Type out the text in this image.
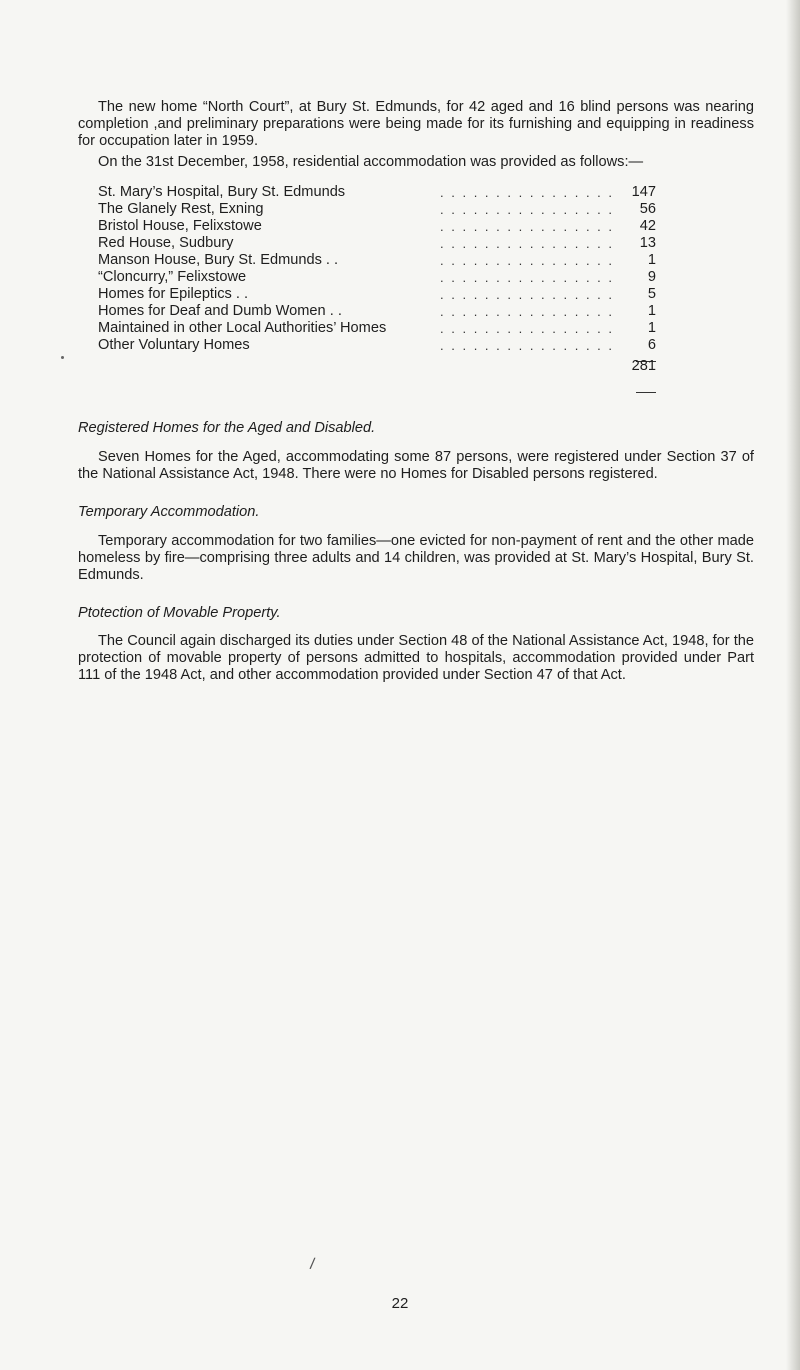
The new home “North Court”, at Bury St. Edmunds, for 42 aged and 16 blind persons was nearing completion ,and preliminary preparations were being made for its furnishing and equipping in readiness for occupation later in 1959.

On the 31st December, 1958, residential accommodation was provided as follows:—

St. Mary’s Hospital, Bury St. Edmunds	. . . . . . . . . . . . . . . . 147
The Glanely Rest, Exning	. . . . . . . . . . . . . . . . 56
Bristol House, Felixstowe	. . . . . . . . . . . . . . . . 42
Red House, Sudbury	. . . . . . . . . . . . . . . . 13
Manson House, Bury St. Edmunds . .	. . . . . . . . . . . . . . . . 1
“Cloncurry,” Felixstowe	. . . . . . . . . . . . . . . . 9
Homes for Epileptics . .	. . . . . . . . . . . . . . . . 5
Homes for Deaf and Dumb Women . .	. . . . . . . . . . . . . . . . 1
Maintained in other Local Authorities’ Homes	. . . . . . . . . . . . . . . . 1
Other Voluntary Homes	. . . . . . . . . . . . . . . . 6
281

Registered Homes for the Aged and Disabled.

Seven Homes for the Aged, accommodating some 87 persons, were registered under Section 37 of the National Assistance Act, 1948. There were no Homes for Disabled persons registered.

Temporary Accommodation.

Temporary accommodation for two families—one evicted for non-payment of rent and the other made homeless by fire—comprising three adults and 14 children, was provided at St. Mary’s Hospital, Bury St. Edmunds.

Ptotection of Movable Property.

The Council again discharged its duties under Section 48 of the National Assistance Act, 1948, for the protection of movable property of persons admitted to hospitals, accommodation provided under Part 111 of the 1948 Act, and other accommodation provided under Section 47 of that Act.

/
22
